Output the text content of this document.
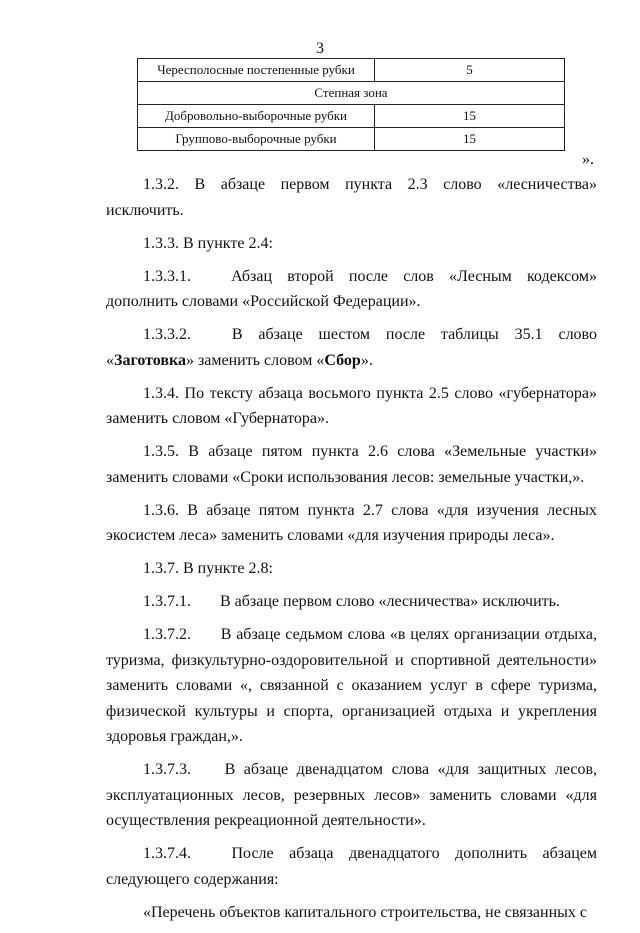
3
Чересполосные постепенные рубки	5
Степная зона	
Добровольно-выборочные рубки	15
Группово-выборочные рубки	15
».

1.3.2. В абзаце первом пункта 2.3 слово «лесничества» исключить.

1.3.3. В пункте 2.4:

1.3.3.1.	Абзац второй после слов «Лесным кодексом» дополнить словами «Российской Федерации».

1.3.3.2.	В абзаце шестом после таблицы 35.1 слово «Заготовка» заменить словом «Сбор».

1.3.4. По тексту абзаца восьмого пункта 2.5 слово «губернатора» заменить словом «Губернатора».

1.3.5. В абзаце пятом пункта 2.6 слова «Земельные участки» заменить словами «Сроки использования лесов: земельные участки,».

1.3.6. В абзаце пятом пункта 2.7 слова «для изучения лесных экосистем леса» заменить словами «для изучения природы леса».

1.3.7. В пункте 2.8:

1.3.7.1. В абзаце первом слово «лесничества» исключить.

1.3.7.2. В абзаце седьмом слова «в целях организации отдыха, туризма, физкультурно-оздоровительной и спортивной деятельности» заменить словами «, связанной с оказанием услуг в сфере туризма, физической культуры и спорта, организацией отдыха и укрепления здоровья граждан,».

1.3.7.3. В абзаце двенадцатом слова «для защитных лесов, эксплуатационных лесов, резервных лесов» заменить словами «для осуществления рекреационной деятельности».

1.3.7.4.	После абзаца двенадцатого дополнить абзацем следующего содержания:

«Перечень объектов капитального строительства, не связанных с
